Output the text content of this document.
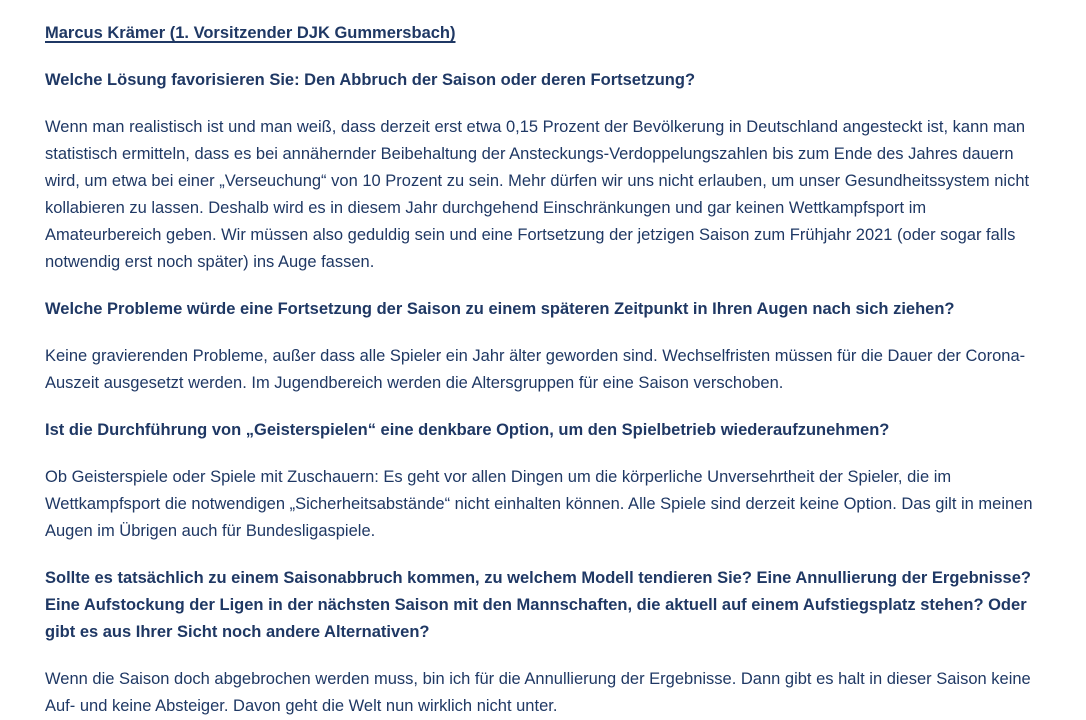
Marcus Krämer (1. Vorsitzender DJK Gummersbach)

Welche Lösung favorisieren Sie: Den Abbruch der Saison oder deren Fortsetzung?

Wenn man realistisch ist und man weiß, dass derzeit erst etwa 0,15 Prozent der Bevölkerung in Deutschland angesteckt ist, kann man statistisch ermitteln, dass es bei annähernder Beibehaltung der Ansteckungs-Verdoppelungszahlen bis zum Ende des Jahres dauern wird, um etwa bei einer „Verseuchung“ von 10 Prozent zu sein. Mehr dürfen wir uns nicht erlauben, um unser Gesundheitssystem nicht kollabieren zu lassen. Deshalb wird es in diesem Jahr durchgehend Einschränkungen und gar keinen Wettkampfsport im Amateurbereich geben. Wir müssen also geduldig sein und eine Fortsetzung der jetzigen Saison zum Frühjahr 2021 (oder sogar falls notwendig erst noch später) ins Auge fassen.

Welche Probleme würde eine Fortsetzung der Saison zu einem späteren Zeitpunkt in Ihren Augen nach sich ziehen?

Keine gravierenden Probleme, außer dass alle Spieler ein Jahr älter geworden sind. Wechselfristen müssen für die Dauer der Corona-Auszeit ausgesetzt werden. Im Jugendbereich werden die Altersgruppen für eine Saison verschoben.

Ist die Durchführung von „Geisterspielen“ eine denkbare Option, um den Spielbetrieb wiederaufzunehmen?

Ob Geisterspiele oder Spiele mit Zuschauern: Es geht vor allen Dingen um die körperliche Unversehrtheit der Spieler, die im Wettkampfsport die notwendigen „Sicherheitsabstände“ nicht einhalten können. Alle Spiele sind derzeit keine Option. Das gilt in meinen Augen im Übrigen auch für Bundesligaspiele.

Sollte es tatsächlich zu einem Saisonabbruch kommen, zu welchem Modell tendieren Sie? Eine Annullierung der Ergebnisse? Eine Aufstockung der Ligen in der nächsten Saison mit den Mannschaften, die aktuell auf einem Aufstiegsplatz stehen? Oder gibt es aus Ihrer Sicht noch andere Alternativen?

Wenn die Saison doch abgebrochen werden muss, bin ich für die Annullierung der Ergebnisse. Dann gibt es halt in dieser Saison keine Auf- und keine Absteiger. Davon geht die Welt nun wirklich nicht unter.
